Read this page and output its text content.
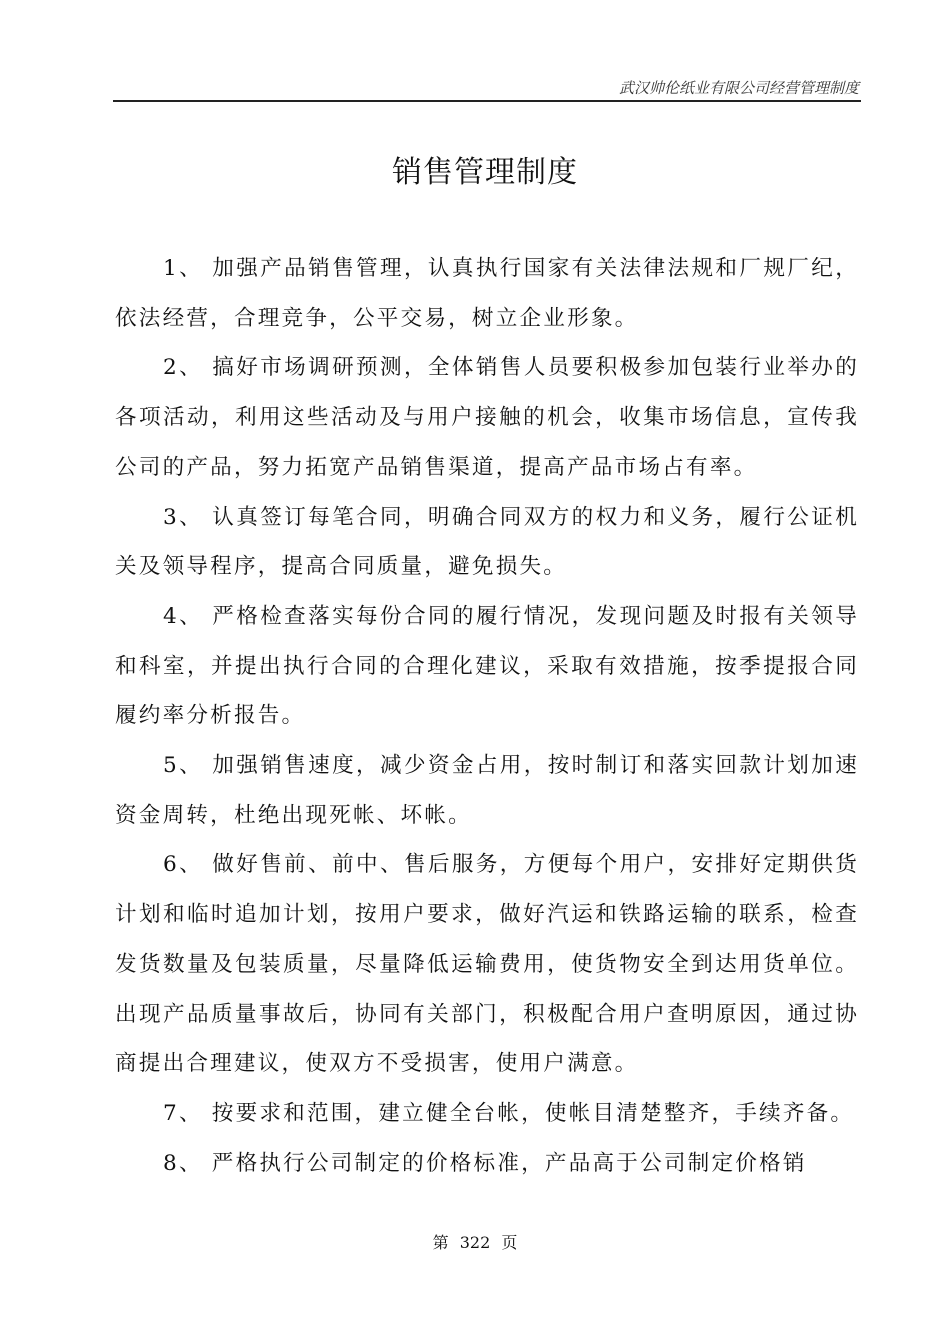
武汉帅伦纸业有限公司经营管理制度
销售管理制度

1、 加强产品销售管理，认真执行国家有关法律法规和厂规厂纪，依法经营，合理竞争，公平交易，树立企业形象。

2、 搞好市场调研预测，全体销售人员要积极参加包装行业举办的各项活动，利用这些活动及与用户接触的机会，收集市场信息，宣传我公司的产品，努力拓宽产品销售渠道，提高产品市场占有率。

3、 认真签订每笔合同，明确合同双方的权力和义务，履行公证机关及领导程序，提高合同质量，避免损失。

4、 严格检查落实每份合同的履行情况，发现问题及时报有关领导和科室，并提出执行合同的合理化建议，采取有效措施，按季提报合同履约率分析报告。

5、 加强销售速度，减少资金占用，按时制订和落实回款计划加速资金周转，杜绝出现死帐、坏帐。

6、 做好售前、前中、售后服务，方便每个用户，安排好定期供货计划和临时追加计划，按用户要求，做好汽运和铁路运输的联系，检查发货数量及包装质量，尽量降低运输费用，使货物安全到达用货单位。出现产品质量事故后，协同有关部门，积极配合用户查明原因，通过协商提出合理建议，使双方不受损害，使用户满意。

7、 按要求和范围，建立健全台帐，使帐目清楚整齐，手续齐备。

8、 严格执行公司制定的价格标准，产品高于公司制定价格销

第 322 页
